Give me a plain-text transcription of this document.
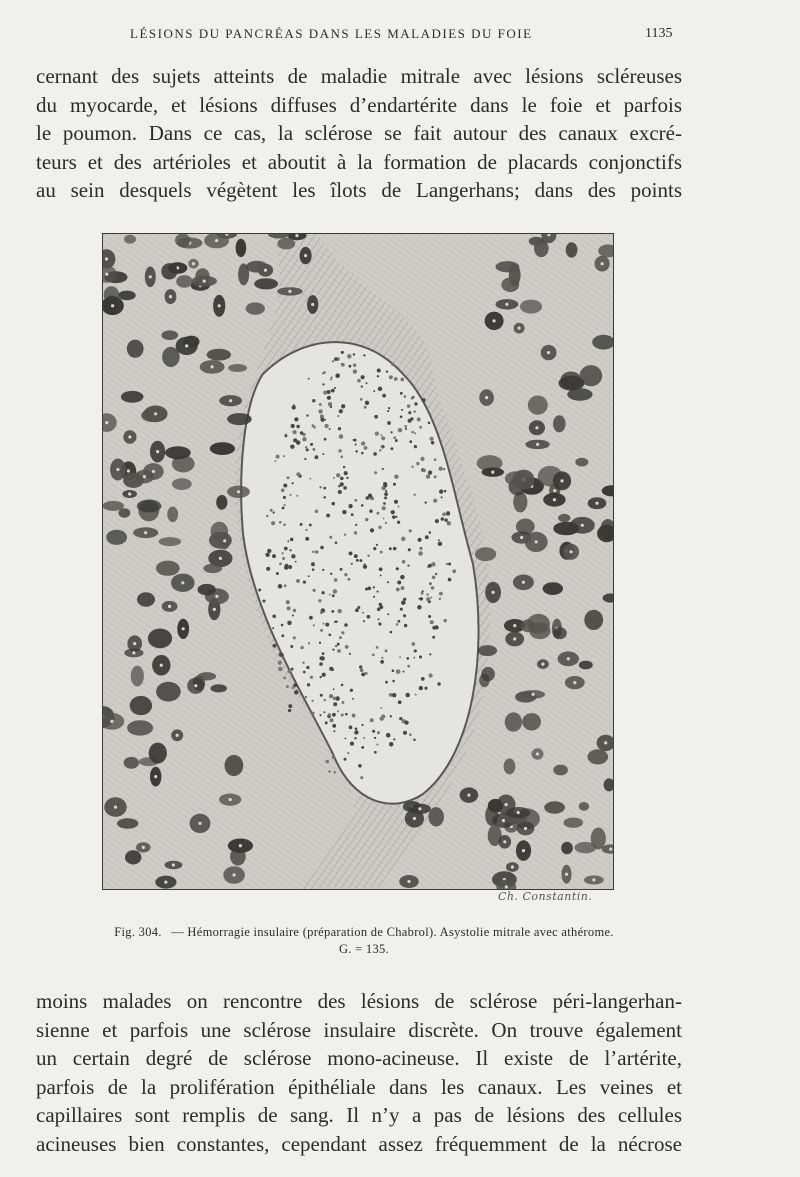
LÉSIONS DU PANCRÉAS DANS LES MALADIES DU FOIE	1135
cernant des sujets atteints de maladie mitrale avec lésions scléreuses
du myocarde, et lésions diffuses d’endartérite dans le foie et parfois
le poumon. Dans ce cas, la sclérose se fait autour des canaux excré-
teurs et des artérioles et aboutit à la formation de placards conjonctifs
au sein desquels végètent les îlots de Langerhans; dans des points
Ch. Constantin.
Fig. 304. — Hémorragie insulaire (préparation de Chabrol). Asystolie mitrale avec athérome.
G. = 135.
moins malades on rencontre des lésions de sclérose péri-langerhan-
sienne et parfois une sclérose insulaire discrète. On trouve également
un certain degré de sclérose mono-acineuse. Il existe de l’artérite,
parfois de la prolifération épithéliale dans les canaux. Les veines et
capillaires sont remplis de sang. Il n’y a pas de lésions des cellules
acineuses bien constantes, cependant assez fréquemment de la nécrose
